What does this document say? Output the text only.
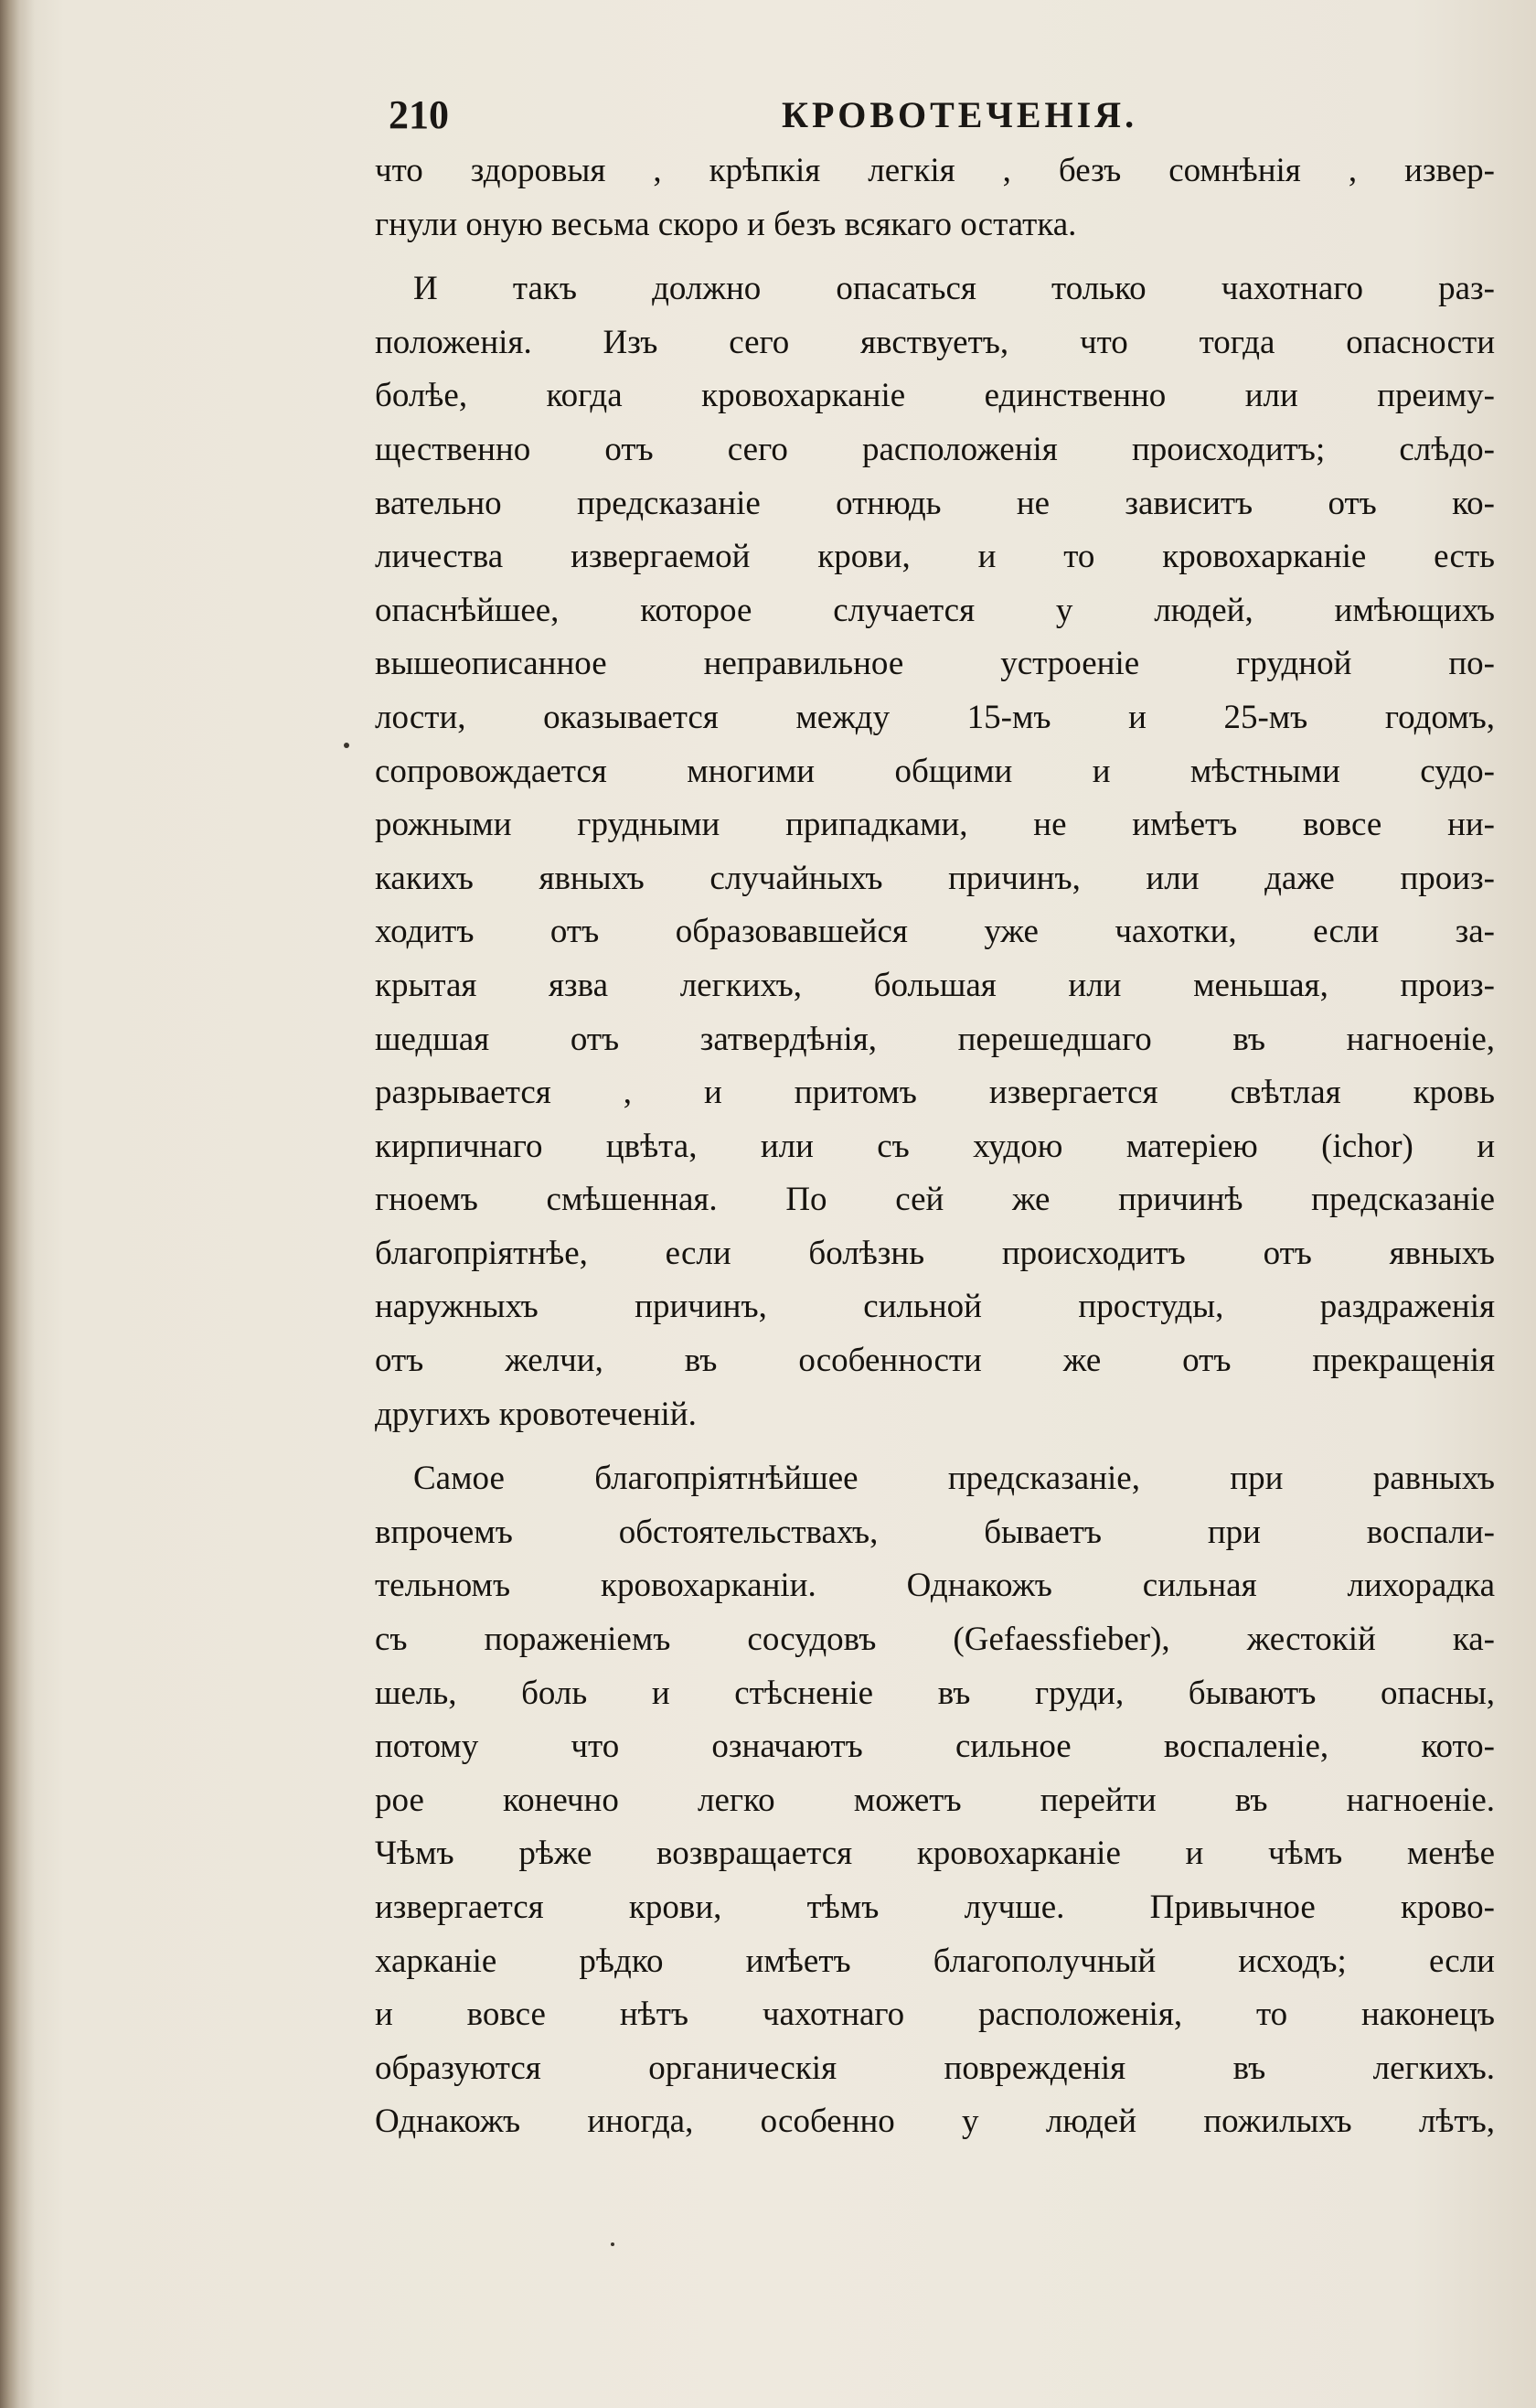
210	КРОВОТЕЧЕНІЯ.

что здоровыя , крѣпкія легкія , безъ сомнѣнія , извер-
гнули оную весьма скоро и безъ всякаго остатка.

И такъ должно опасаться только чахотнаго раз-
положенія. Изъ сего явствуетъ, что тогда опасности
болѣе, когда кровохарканіе единственно или преиму-
щественно отъ сего расположенія происходитъ; слѣдо-
вательно предсказаніе отнюдь не зависитъ отъ ко-
личества извергаемой крови, и то кровохарканіе есть
опаснѣйшее, которое случается у людей, имѣющихъ
вышеописанное неправильное устроеніе грудной по-
лости, оказывается между 15-мъ и 25-мъ годомъ,
сопровождается многими общими и мѣстными судо-
рожными грудными припадками, не имѣетъ вовсе ни-
какихъ явныхъ случайныхъ причинъ, или даже произ-
ходитъ отъ образовавшейся уже чахотки, если за-
крытая язва легкихъ, большая или меньшая, произ-
шедшая отъ затвердѣнія, перешедшаго въ нагноеніе,
разрывается , и притомъ извергается свѣтлая кровь
кирпичнаго цвѣта, или съ худою матеріею (ichor) и
гноемъ смѣшенная. По сей же причинѣ предсказаніе
благопріятнѣе, если болѣзнь происходитъ отъ явныхъ
наружныхъ причинъ, сильной простуды, раздраженія
отъ желчи, въ особенности же отъ прекращенія
другихъ кровотеченій.

Самое благопріятнѣйшее предсказаніе, при равныхъ
впрочемъ обстоятельствахъ, бываетъ при воспали-
тельномъ кровохарканіи. Однакожъ сильная лихорадка
съ пораженіемъ сосудовъ (Gefaessfieber), жестокій ка-
шель, боль и стѣсненіе въ груди, бываютъ опасны,
потому что означаютъ сильное воспаленіе, кото-
рое конечно легко можетъ перейти въ нагноеніе.
Чѣмъ рѣже возвращается кровохарканіе и чѣмъ менѣе
извергается крови, тѣмъ лучше. Привычное крово-
харканіе рѣдко имѣетъ благополучный исходъ; если
и вовсе нѣтъ чахотнаго расположенія, то наконецъ
образуются органическія поврежденія въ легкихъ.
Однакожъ иногда, особенно у людей пожилыхъ лѣтъ,
